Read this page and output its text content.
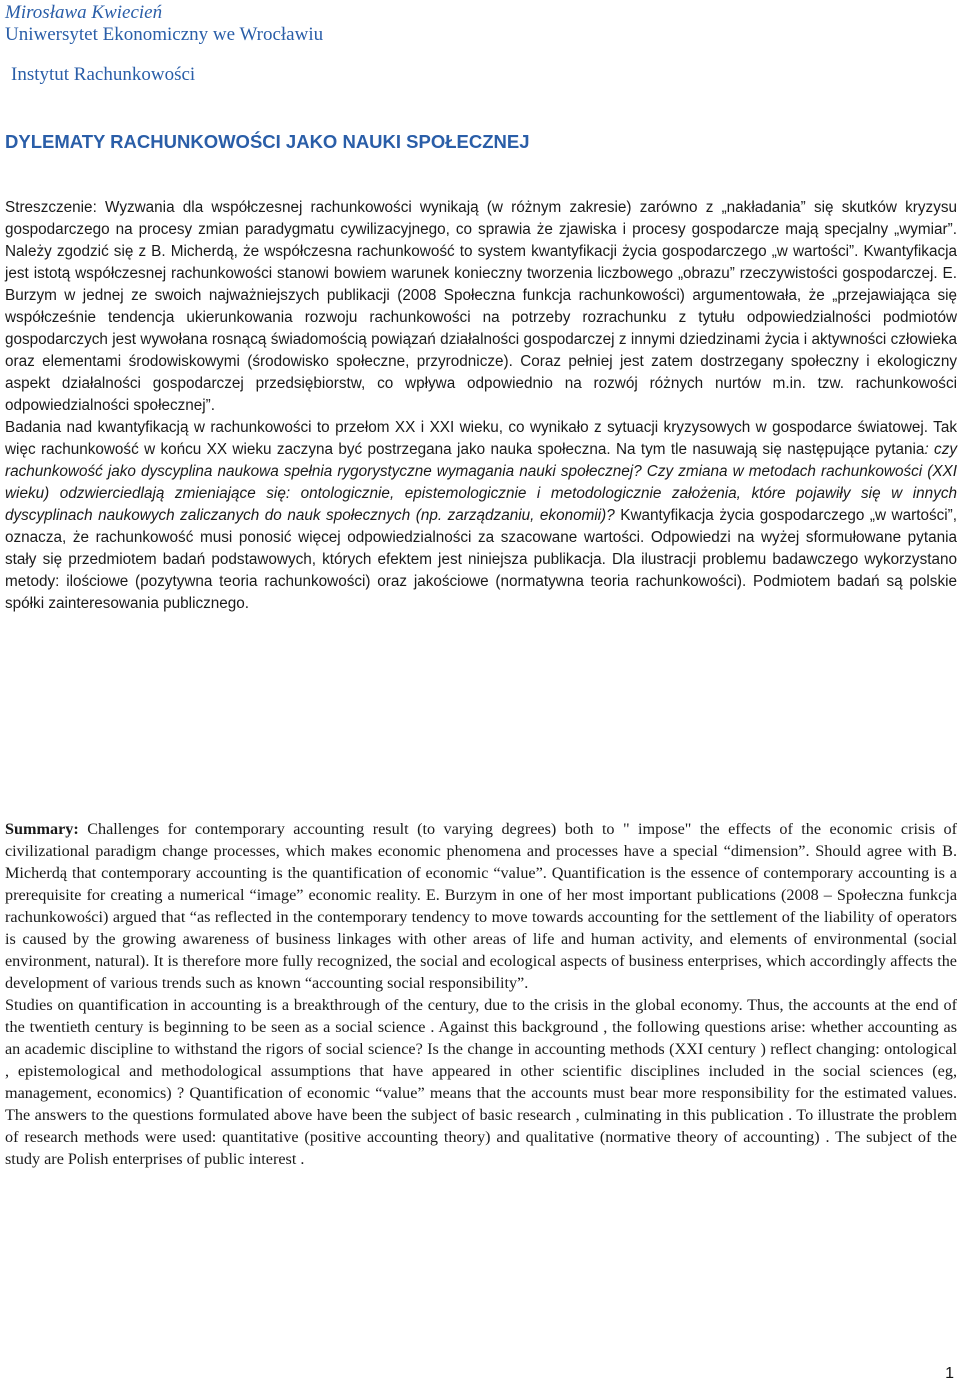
Mirosława Kwiecień

Uniwersytet Ekonomiczny we Wrocławiu

Instytut Rachunkowości

DYLEMATY RACHUNKOWOŚCI JAKO NAUKI SPOŁECZNEJ

Streszczenie: Wyzwania dla współczesnej rachunkowości wynikają (w różnym zakresie) zarówno z „nakładania” się skutków kryzysu gospodarczego na procesy zmian paradygmatu cywilizacyjnego, co sprawia że zjawiska i procesy gospodarcze mają specjalny „wymiar”. Należy zgodzić się z B. Micherdą, że współczesna rachunkowość to system kwantyfikacji życia gospodarczego „w wartości”. Kwantyfikacja jest istotą współczesnej rachunkowości stanowi bowiem warunek konieczny tworzenia liczbowego „obrazu” rzeczywistości gospodarczej. E. Burzym w jednej ze swoich najważniejszych publikacji (2008 Społeczna funkcja rachunkowości) argumentowała, że „przejawiająca się współcześnie tendencja ukierunkowania rozwoju rachunkowości na potrzeby rozrachunku z tytułu odpowiedzialności podmiotów gospodarczych jest wywołana rosnącą świadomością powiązań działalności gospodarczej z innymi dziedzinami życia i aktywności człowieka oraz elementami środowiskowymi (środowisko społeczne, przyrodnicze). Coraz pełniej jest zatem dostrzegany społeczny i ekologiczny aspekt działalności gospodarczej przedsiębiorstw, co wpływa odpowiednio na rozwój różnych nurtów m.in. tzw. rachunkowości odpowiedzialności społecznej”.

Badania nad kwantyfikacją w rachunkowości to przełom XX i XXI wieku, co wynikało z sytuacji kryzysowych w gospodarce światowej. Tak więc rachunkowość w końcu XX wieku zaczyna być postrzegana jako nauka społeczna. Na tym tle nasuwają się następujące pytania: czy rachunkowość jako dyscyplina naukowa spełnia rygorystyczne wymagania nauki społecznej? Czy zmiana w metodach rachunkowości (XXI wieku) odzwierciedlają zmieniające się: ontologicznie, epistemologicznie i metodologicznie założenia, które pojawiły się w innych dyscyplinach naukowych zaliczanych do nauk społecznych (np. zarządzaniu, ekonomii)? Kwantyfikacja życia gospodarczego „w wartości”, oznacza, że rachunkowość musi ponosić więcej odpowiedzialności za szacowane wartości. Odpowiedzi na wyżej sformułowane pytania stały się przedmiotem badań podstawowych, których efektem jest niniejsza publikacja. Dla ilustracji problemu badawczego wykorzystano metody: ilościowe (pozytywna teoria rachunkowości) oraz jakościowe (normatywna teoria rachunkowości). Podmiotem badań są polskie spółki zainteresowania publicznego.

Summary: Challenges for contemporary accounting result (to varying degrees) both to " impose" the effects of the economic crisis of civilizational paradigm change processes, which makes economic phenomena and processes have a special “dimension”. Should agree with B. Micherdą that contemporary accounting is the quantification of economic “value”. Quantification is the essence of contemporary accounting is a prerequisite for creating a numerical “image” economic reality. E. Burzym in one of her most important publications (2008 – Społeczna funkcja rachunkowości) argued that “as reflected in the contemporary tendency to move towards accounting for the settlement of the liability of operators is caused by the growing awareness of business linkages with other areas of life and human activity, and elements of environmental (social environment, natural). It is therefore more fully recognized, the social and ecological aspects of business enterprises, which accordingly affects the development of various trends such as known “accounting social responsibility”.

Studies on quantification in accounting is a breakthrough of the century, due to the crisis in the global economy. Thus, the accounts at the end of the twentieth century is beginning to be seen as a social science . Against this background , the following questions arise: whether accounting as an academic discipline to withstand the rigors of social science? Is the change in accounting methods (XXI century ) reflect changing: ontological , epistemological and methodological assumptions that have appeared in other scientific disciplines included in the social sciences (eg, management, economics) ? Quantification of economic “value” means that the accounts must bear more responsibility for the estimated values. The answers to the questions formulated above have been the subject of basic research , culminating in this publication . To illustrate the problem of research methods were used: quantitative (positive accounting theory) and qualitative (normative theory of accounting) . The subject of the study are Polish enterprises of public interest .

1
